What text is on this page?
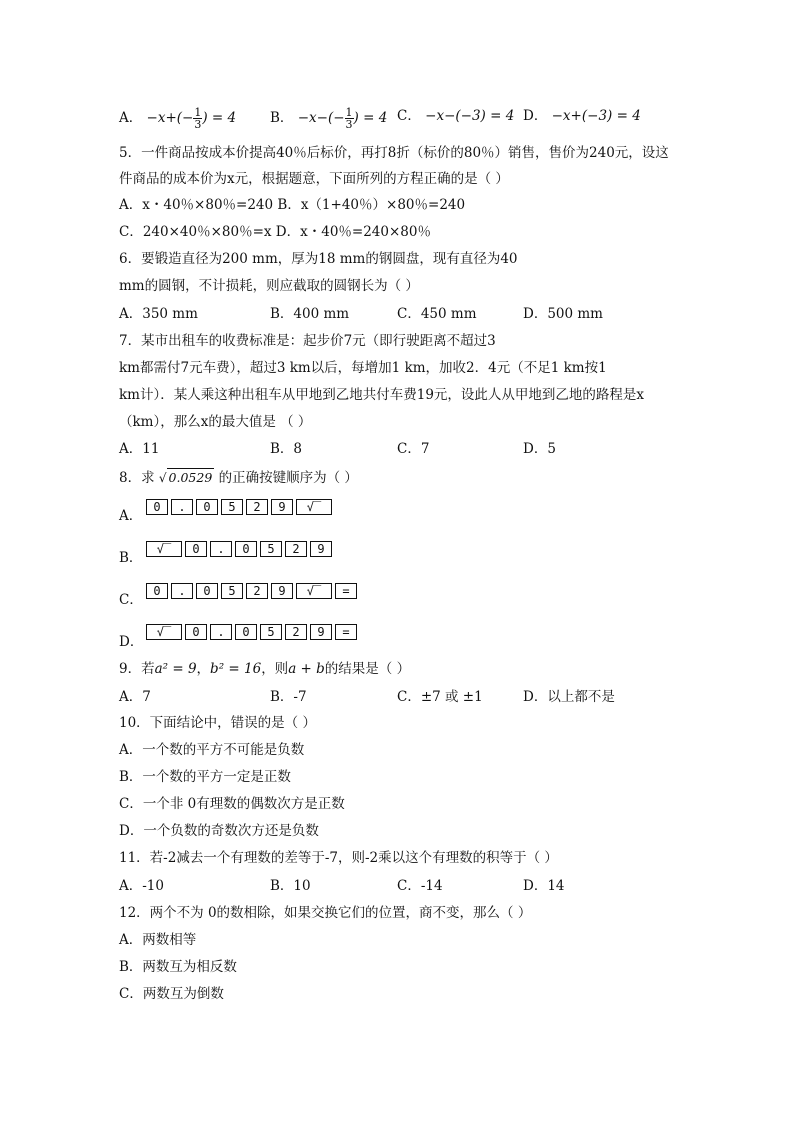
A． $-x+(- \frac{1}{3}$ ) = 4	B． $-x-(- \frac{1}{3}$ ) = 4 C． −x−(−3) = 4 D． −x+(−3) = 4
5．一件商品按成本价提高40％后标价，再打8折（标价的80％）销售，售价为240元，设这
件商品的成本价为x元，根据题意，下面所列的方程正确的是（ ）
A．x・40％×80％=240 B．x（1+40％）×80％=240
C．240×40％×80％=x D．x・40％=240×80％
6．要锻造直径为200 mm，厚为18 mm的钢圆盘，现有直径为40
mm的圆钢，不计损耗，则应截取的圆钢长为（ ）
A．350 mm	B．400 mm	C．450 mm	D．500 mm
7．某市出租车的收费标准是：起步价7元（即行驶距离不超过3
km都需付7元车费），超过3 km以后，每增加1 km，加收2．4元（不足1 km按1
km计）．某人乘这种出租车从甲地到乙地共付车费19元，设此人从甲地到乙地的路程是x
（km），那么x的最大值是 （ ）
A．11	B．8	C．7	D．5
8．求 √ 0.0529 的正确按键顺序为（ ）
A．
0	.	0	5	2	9	√‾
B．
√‾	0	.	0	5	2	9
C．
0	.	0	5	2	9	√‾	=
D．
√‾	0	.	0	5	2	9	=
9．若a² = 9，b² = 16，则a + b的结果是（ ）
A．7	B．-7	C．±7 或 ±1	D．以上都不是
10．下面结论中，错误的是（ ）
A．一个数的平方不可能是负数
B．一个数的平方一定是正数
C．一个非 0有理数的偶数次方是正数
D．一个负数的奇数次方还是负数
11．若-2减去一个有理数的差等于-7，则-2乘以这个有理数的积等于（ ）
A．-10	B．10	C．-14	D．14
12．两个不为 0的数相除，如果交换它们的位置，商不变，那么（ ）
A．两数相等
B．两数互为相反数
C．两数互为倒数
